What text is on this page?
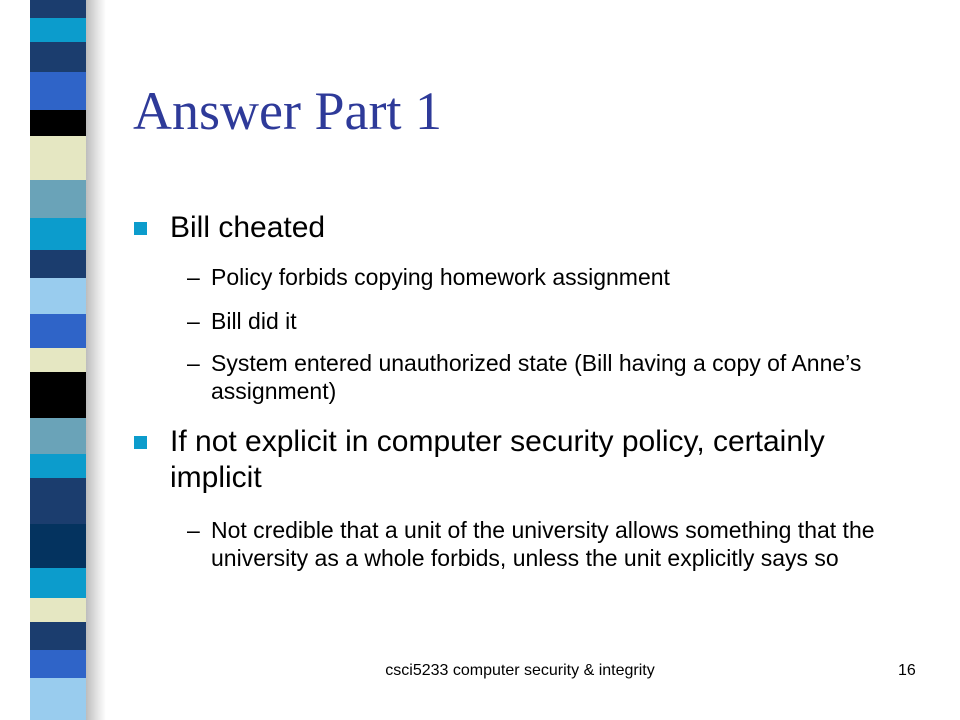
Answer Part 1
Bill cheated
– Policy forbids copying homework assignment
– Bill did it
– System entered unauthorized state (Bill having a copy of Anne’s assignment)
If not explicit in computer security policy, certainly implicit
– Not credible that a unit of the university allows something that the university as a whole forbids, unless the unit explicitly says so
csci5233 computer security & integrity	16
